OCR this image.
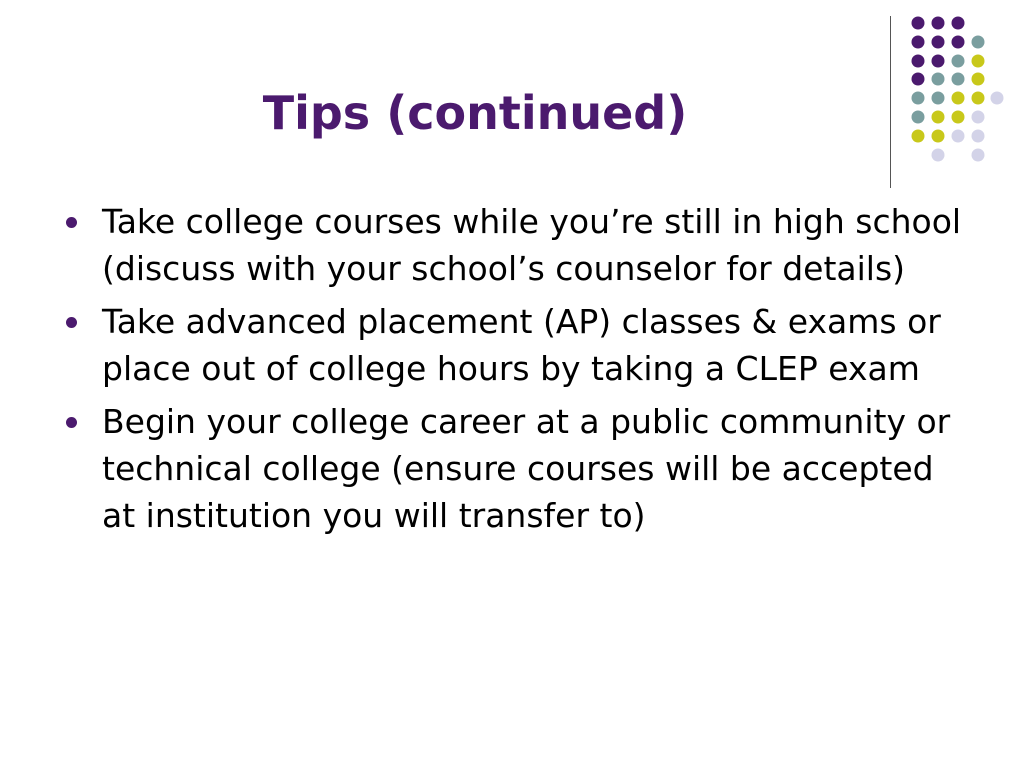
Tips (continued)
Take college courses while you’re still in high school (discuss with your school’s counselor for details)
Take advanced placement (AP) classes & exams or place out of college hours by taking a CLEP exam
Begin your college career at a public community or technical college (ensure courses will be accepted at institution you will transfer to)
